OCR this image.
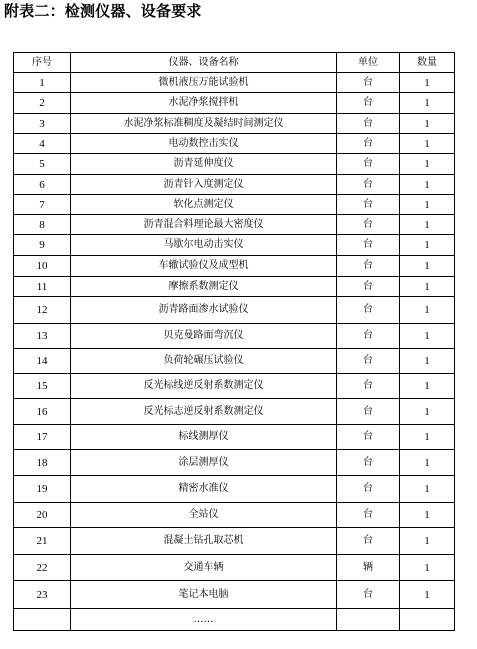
附表二：检测仪器、设备要求
序号	仪器、设备名称	单位	数量
1	微机液压万能试验机	台	1
2	水泥净浆搅拌机	台	1
3	水泥净浆标准稠度及凝结时间测定仪	台	1
4	电动数控击实仪	台	1
5	沥青延伸度仪	台	1
6	沥青针入度测定仪	台	1
7	软化点测定仪	台	1
8	沥青混合料理论最大密度仪	台	1
9	马歇尔电动击实仪	台	1
10	车辙试验仪及成型机	台	1
11	摩擦系数测定仪	台	1
12	沥青路面渗水试验仪	台	1
13	贝克曼路面弯沉仪	台	1
14	负荷轮碾压试验仪	台	1
15	反光标线逆反射系数测定仪	台	1
16	反光标志逆反射系数测定仪	台	1
17	标线测厚仪	台	1
18	涂层测厚仪	台	1
19	精密水准仪	台	1
20	全站仪	台	1
21	混凝土钻孔取芯机	台	1
22	交通车辆	辆	1
23	笔记本电脑	台	1
	……		
